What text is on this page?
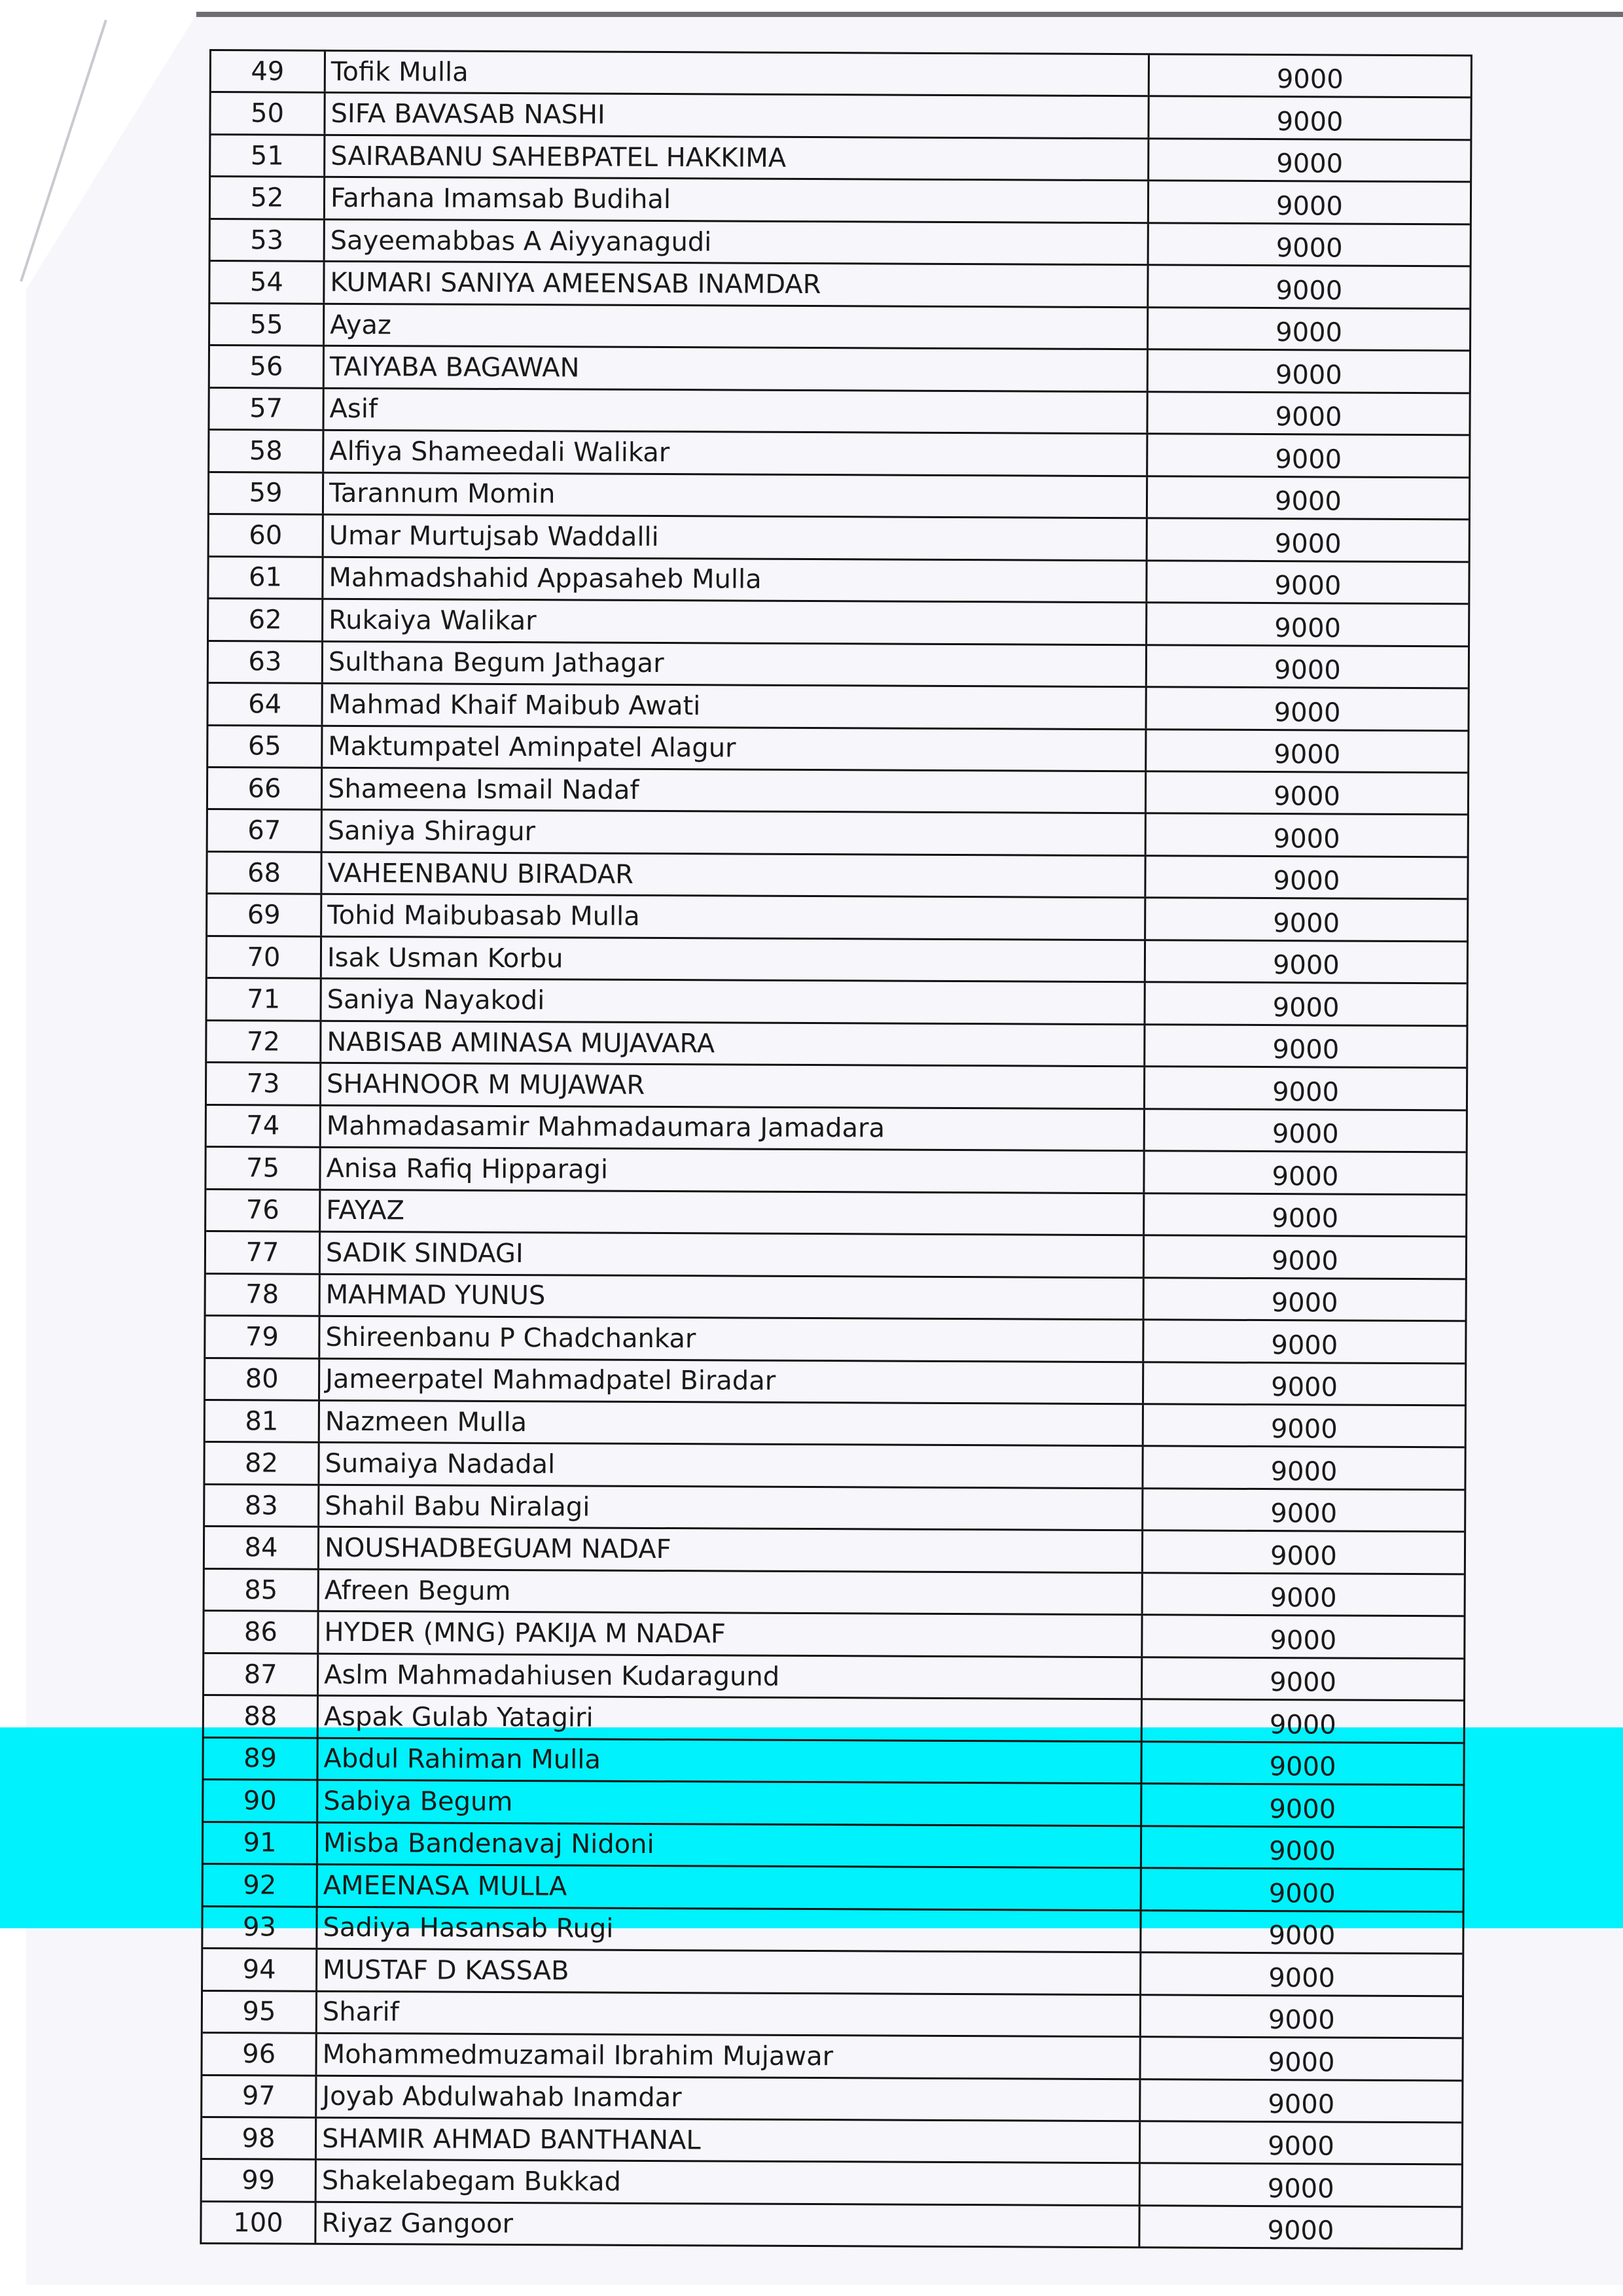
49	Tofik Mulla	9000
50	SIFA BAVASAB NASHI	9000
51	SAIRABANU SAHEBPATEL HAKKIMA	9000
52	Farhana Imamsab Budihal	9000
53	Sayeemabbas A Aiyyanagudi	9000
54	KUMARI SANIYA AMEENSAB INAMDAR	9000
55	Ayaz	9000
56	TAIYABA BAGAWAN	9000
57	Asif	9000
58	Alfiya Shameedali Walikar	9000
59	Tarannum Momin	9000
60	Umar Murtujsab Waddalli	9000
61	Mahmadshahid Appasaheb Mulla	9000
62	Rukaiya Walikar	9000
63	Sulthana Begum Jathagar	9000
64	Mahmad Khaif Maibub Awati	9000
65	Maktumpatel Aminpatel Alagur	9000
66	Shameena Ismail Nadaf	9000
67	Saniya Shiragur	9000
68	VAHEENBANU BIRADAR	9000
69	Tohid Maibubasab Mulla	9000
70	Isak Usman Korbu	9000
71	Saniya Nayakodi	9000
72	NABISAB AMINASA MUJAVARA	9000
73	SHAHNOOR M MUJAWAR	9000
74	Mahmadasamir Mahmadaumara Jamadara	9000
75	Anisa Rafiq Hipparagi	9000
76	FAYAZ	9000
77	SADIK SINDAGI	9000
78	MAHMAD YUNUS	9000
79	Shireenbanu P Chadchankar	9000
80	Jameerpatel Mahmadpatel Biradar	9000
81	Nazmeen Mulla	9000
82	Sumaiya Nadadal	9000
83	Shahil Babu Niralagi	9000
84	NOUSHADBEGUAM NADAF	9000
85	Afreen Begum	9000
86	HYDER (MNG) PAKIJA M NADAF	9000
87	Aslm Mahmadahiusen Kudaragund	9000
88	Aspak Gulab Yatagiri	9000
89	Abdul Rahiman Mulla	9000
90	Sabiya Begum	9000
91	Misba Bandenavaj Nidoni	9000
92	AMEENASA MULLA	9000
93	Sadiya Hasansab Rugi	9000
94	MUSTAF D KASSAB	9000
95	Sharif	9000
96	Mohammedmuzamail Ibrahim Mujawar	9000
97	Joyab Abdulwahab Inamdar	9000
98	SHAMIR AHMAD BANTHANAL	9000
99	Shakelabegam Bukkad	9000
100	Riyaz Gangoor	9000
